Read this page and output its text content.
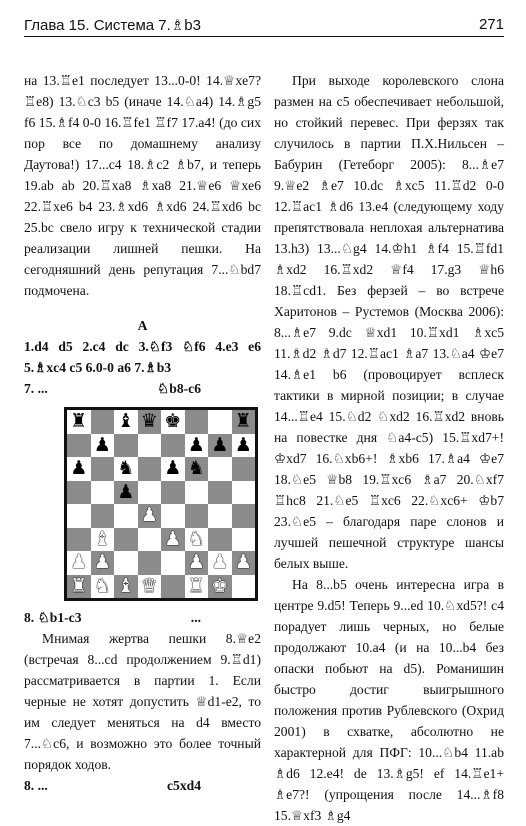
Глава 15. Система 7.♗b3	271

на 13.♖e1 последует 13...0-0! 14.♕xe7? ♖e8) 13.♘c3 b5 (иначе 14.♘a4) 14.♗g5 f6 15.♗f4 0-0 16.♖fe1 ♖f7 17.a4! (до сих пор все по домашнему анализу Даутова!) 17...c4 18.♗c2 ♗b7, и теперь 19.ab ab 20.♖xa8 ♗xa8 21.♕e6 ♕xe6 22.♖xe6 b4 23.♗xd6 ♗xd6 24.♖xd6 bc 25.bc свело игру к технической стадии реализации лишней пешки. На сегодняшний день репутация 7...♘bd7 подмочена.

А

1.d4 d5 2.c4 dc 3.♘f3 ♘f6 4.e3 e6 5.♗xc4 c5 6.0-0 a6 7.♗b3

7. ...	♘b8-c6
♜ ♝ ♛ ♚	♜
♟	♟ ♟ ♟
♟ ♞ ♟ ♞
♟
♟
♝	♟ ♞
♟ ♟	♟ ♟ ♟
♜ ♞ ♝ ♛ ♜ ♚
8. ♘b1-c3	...

Мнимая жертва пешки 8.♕e2 (встречая 8...cd продолжением 9.♖d1) рассматривается в партии 1. Если черные не хотят допустить ♕d1-e2, то им следует меняться на d4 вместо 7...♘c6, и возможно это более точный порядок ходов.

8. ...	c5xd4

При выходе королевского слона размен на c5 обеспечивает небольшой, но стойкий перевес. При ферзях так случилось в партии П.Х.Нильсен – Бабурин (Гетеборг 2005): 8...♗e7 9.♕e2 ♗e7 10.dc ♗xc5 11.♖d2 0-0 12.♖ac1 ♗d6 13.e4 (следующему ходу препятствовала неплохая альтернатива 13.h3) 13...♘g4 14.♔h1 ♗f4 15.♖fd1 ♗xd2 16.♖xd2 ♕f4 17.g3 ♕h6 18.♖cd1. Без ферзей – во встрече Харитонов – Рустемов (Москва 2006): 8...♗e7 9.dc ♕xd1 10.♖xd1 ♗xc5 11.♗d2 ♗d7 12.♖ac1 ♗a7 13.♘a4 ♔e7 14.♗e1 b6 (провоцирует всплеск тактики в мирной позиции; в случае 14...♖e4 15.♘d2 ♘xd2 16.♖xd2 вновь на повестке дня ♘a4-c5) 15.♖xd7+! ♔xd7 16.♘xb6+! ♗xb6 17.♗a4 ♔e7 18.♘e5 ♕b8 19.♖xc6 ♗a7 20.♘xf7 ♖hc8 21.♘e5 ♖xc6 22.♘xc6+ ♔b7 23.♘e5 – благодаря паре слонов и лучшей пешечной структуре шансы белых выше.

На 8...b5 очень интересна игра в центре 9.d5! Теперь 9...ed 10.♘xd5?! c4 порадует лишь черных, но белые продолжают 10.a4 (и на 10...b4 без опаски побьют на d5). Романишин быстро достиг выигрышного положения против Рублевского (Охрид 2001) в схватке, абсолютно не характерной для ПФГ: 10...♘b4 11.ab ♗d6 12.e4! de 13.♗g5! ef 14.♖e1+ ♗e7?! (упрощения после 14...♗f8 15.♕xf3 ♗g4
